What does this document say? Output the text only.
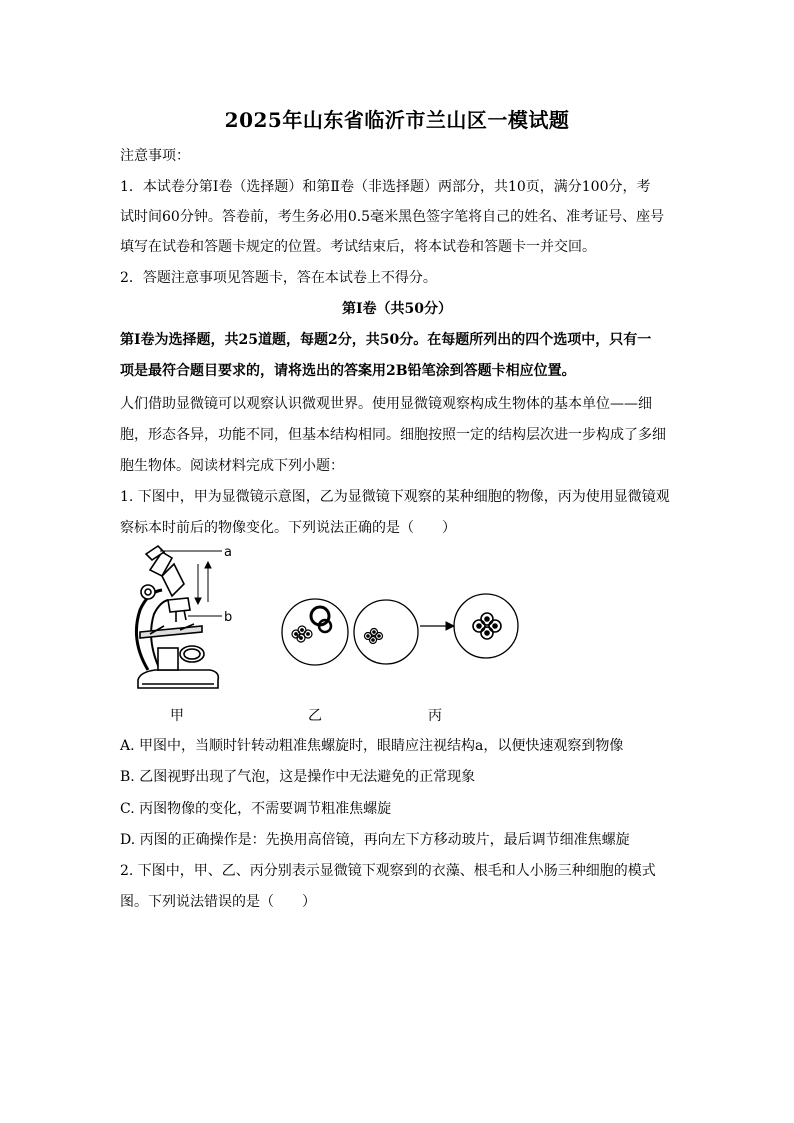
2025年山东省临沂市兰山区一模试题
注意事项：
1．本试卷分第Ⅰ卷（选择题）和第Ⅱ卷（非选择题）两部分，共10页，满分100分，考
试时间60分钟。答卷前，考生务必用0.5毫米黑色签字笔将自己的姓名、准考证号、座号
填写在试卷和答题卡规定的位置。考试结束后，将本试卷和答题卡一并交回。
2．答题注意事项见答题卡，答在本试卷上不得分。
第Ⅰ卷（共50分）
第Ⅰ卷为选择题，共25道题，每题2分，共50分。在每题所列出的四个选项中，只有一
项是最符合题目要求的，请将选出的答案用2B铅笔涂到答题卡相应位置。
人们借助显微镜可以观察认识微观世界。使用显微镜观察构成生物体的基本单位——细
胞，形态各异，功能不同，但基本结构相同。细胞按照一定的结构层次进一步构成了多细
胞生物体。阅读材料完成下列小题：
1. 下图中，甲为显微镜示意图，乙为显微镜下观察的某种细胞的物像，丙为使用显微镜观
察标本时前后的物像变化。下列说法正确的是（　　）
a
b
甲	乙	丙
A. 甲图中，当顺时针转动粗准焦螺旋时，眼睛应注视结构a，以便快速观察到物像
B. 乙图视野出现了气泡，这是操作中无法避免的正常现象
C. 丙图物像的变化，不需要调节粗准焦螺旋
D. 丙图的正确操作是：先换用高倍镜，再向左下方移动玻片，最后调节细准焦螺旋
2. 下图中，甲、乙、丙分别表示显微镜下观察到的衣藻、根毛和人小肠三种细胞的模式
图。下列说法错误的是（　　）
